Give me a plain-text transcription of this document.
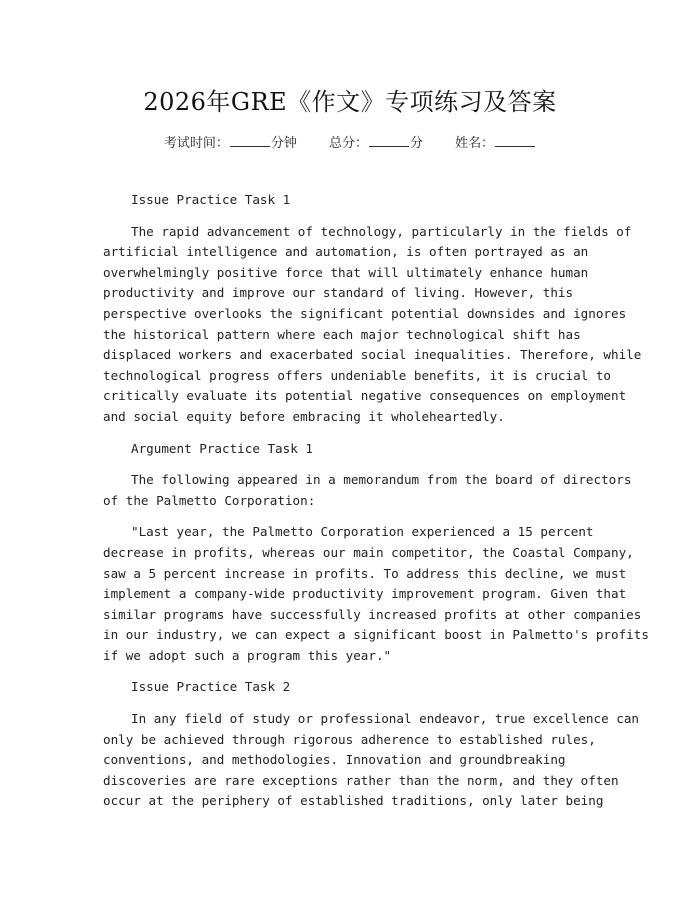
2026年GRE《作文》专项练习及答案
考试时间：	分钟 总分：	分 姓名：
Issue Practice Task 1
The rapid advancement of technology, particularly in the fields of
artificial intelligence and automation, is often portrayed as an
overwhelmingly positive force that will ultimately enhance human
productivity and improve our standard of living. However, this
perspective overlooks the significant potential downsides and ignores
the historical pattern where each major technological shift has
displaced workers and exacerbated social inequalities. Therefore, while
technological progress offers undeniable benefits, it is crucial to
critically evaluate its potential negative consequences on employment
and social equity before embracing it wholeheartedly.
Argument Practice Task 1
The following appeared in a memorandum from the board of directors
of the Palmetto Corporation:
"Last year, the Palmetto Corporation experienced a 15 percent
decrease in profits, whereas our main competitor, the Coastal Company,
saw a 5 percent increase in profits. To address this decline, we must
implement a company-wide productivity improvement program. Given that
similar programs have successfully increased profits at other companies
in our industry, we can expect a significant boost in Palmetto's profits
if we adopt such a program this year."
Issue Practice Task 2
In any field of study or professional endeavor, true excellence can
only be achieved through rigorous adherence to established rules,
conventions, and methodologies. Innovation and groundbreaking
discoveries are rare exceptions rather than the norm, and they often
occur at the periphery of established traditions, only later being
